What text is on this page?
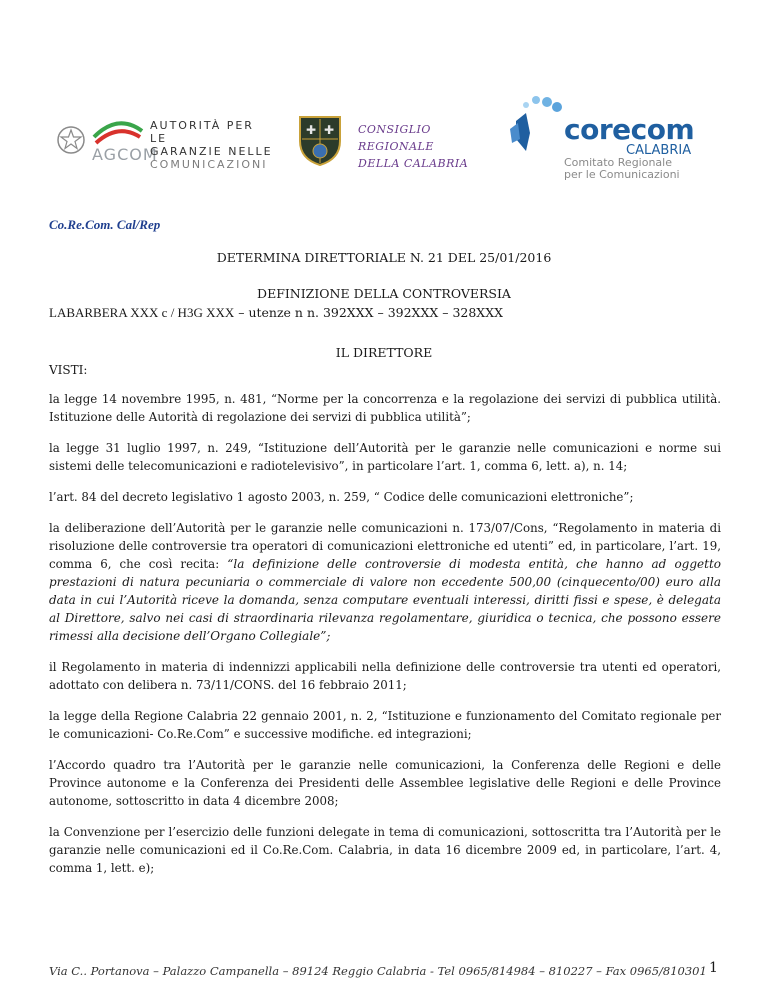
AGCOM
AUTORITÀ PER LE
GARANZIE NELLE
COMUNICAZIONI
✚ ✚ CONSIGLIO
REGIONALE
DELLA CALABRIA
corecom
CALABRIA
Comitato Regionale
per le Comunicazioni
Co.Re.Com. Cal/Rep
DETERMINA DIRETTORIALE N. 21 DEL 25/01/2016
DEFINIZIONE DELLA CONTROVERSIA
LABARBERA XXX c / H3G XXX – utenze n n. 392XXX – 392XXX – 328XXX
IL DIRETTORE
VISTI:

la legge 14 novembre 1995, n. 481, “Norme per la concorrenza e la regolazione dei servizi di pubblica utilità. Istituzione delle Autorità di regolazione dei servizi di pubblica utilità”;

la legge 31 luglio 1997, n. 249, “Istituzione dell’Autorità per le garanzie nelle comunicazioni e norme sui sistemi delle telecomunicazioni e radiotelevisivo”, in particolare l’art. 1, comma 6, lett. a), n. 14;

l’art. 84 del decreto legislativo 1 agosto 2003, n. 259, “ Codice delle comunicazioni elettroniche”;

la deliberazione dell’Autorità per le garanzie nelle comunicazioni n. 173/07/Cons, “Regolamento in materia di risoluzione delle controversie tra operatori di comunicazioni elettroniche ed utenti” ed, in particolare, l’art. 19, comma 6, che così recita: “la definizione delle controversie di modesta entità, che hanno ad oggetto prestazioni di natura pecuniaria o commerciale di valore non eccedente 500,00 (cinquecento/00) euro alla data in cui l’Autorità riceve la domanda, senza computare eventuali interessi, diritti fissi e spese, è delegata al Direttore, salvo nei casi di straordinaria rilevanza regolamentare, giuridica o tecnica, che possono essere rimessi alla decisione dell’Organo Collegiale”;

il Regolamento in materia di indennizzi applicabili nella definizione delle controversie tra utenti ed operatori, adottato con delibera n. 73/11/CONS. del 16 febbraio 2011;

la legge della Regione Calabria 22 gennaio 2001, n. 2, “Istituzione e funzionamento del Comitato regionale per le comunicazioni- Co.Re.Com” e successive modifiche. ed integrazioni;

l’Accordo quadro tra l’Autorità per le garanzie nelle comunicazioni, la Conferenza delle Regioni e delle Province autonome e la Conferenza dei Presidenti delle Assemblee legislative delle Regioni e delle Province autonome, sottoscritto in data 4 dicembre 2008;

la Convenzione per l’esercizio delle funzioni delegate in tema di comunicazioni, sottoscritta tra l’Autorità per le garanzie nelle comunicazioni ed il Co.Re.Com. Calabria, in data 16 dicembre 2009 ed, in particolare, l’art. 4, comma 1, lett. e);

Via C.. Portanova – Palazzo Campanella – 89124 Reggio Calabria - Tel 0965/814984 – 810227 – Fax 0965/810301 1
